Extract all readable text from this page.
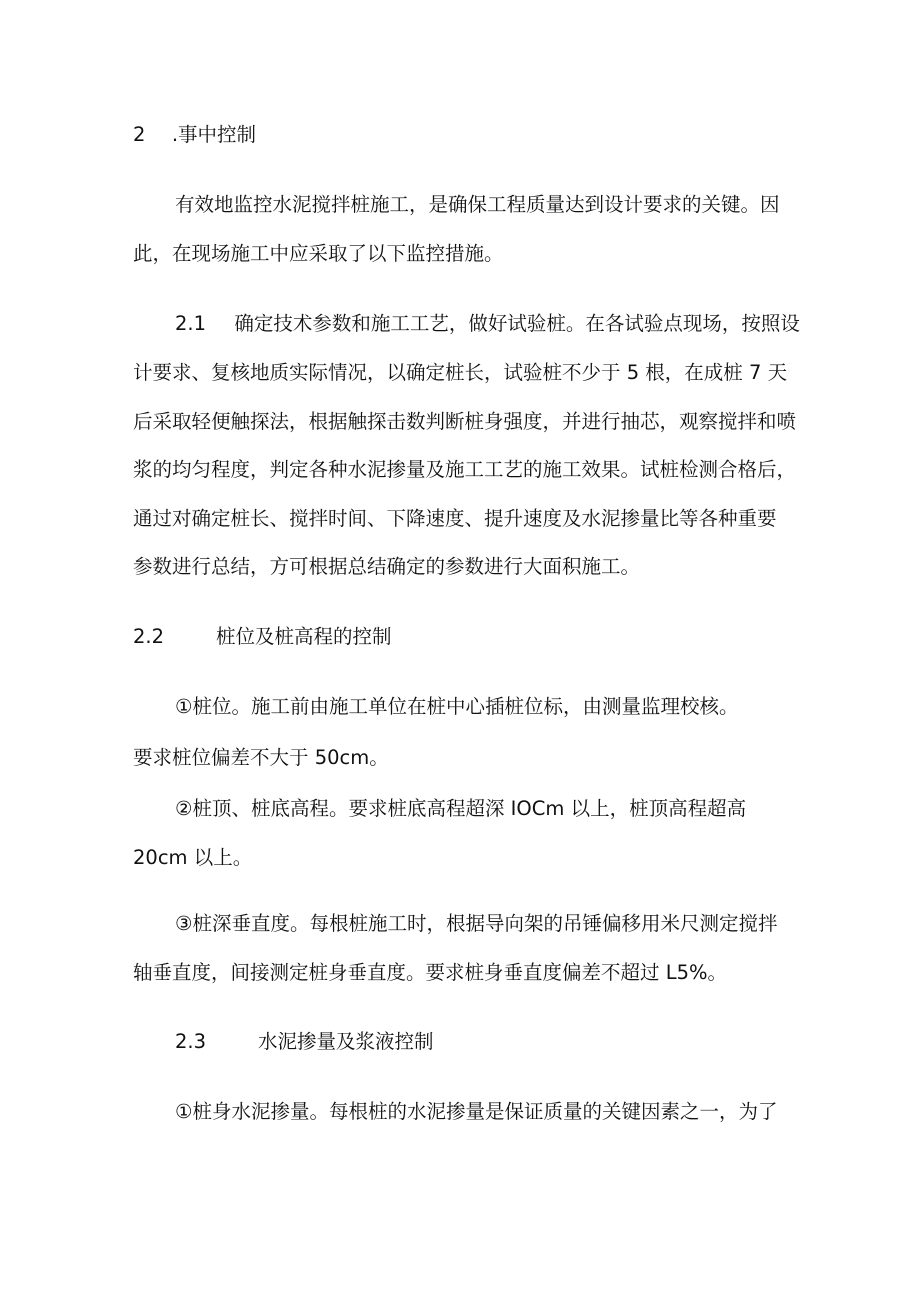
2 .事中控制
有效地监控水泥搅拌桩施工，是确保工程质量达到设计要求的关键。因
此，在现场施工中应采取了以下监控措施。
2.1 确定技术参数和施工工艺，做好试验桩。在各试验点现场，按照设
计要求、复核地质实际情况，以确定桩长，试验桩不少于 5 根，在成桩 7 天
后采取轻便触探法，根据触探击数判断桩身强度，并进行抽芯，观察搅拌和喷
浆的均匀程度，判定各种水泥掺量及施工工艺的施工效果。试桩检测合格后，
通过对确定桩长、搅拌时间、下降速度、提升速度及水泥掺量比等各种重要
参数进行总结，方可根据总结确定的参数进行大面积施工。
2.2	桩位及桩高程的控制
①桩位。施工前由施工单位在桩中心插桩位标，由测量监理校核。
要求桩位偏差不大于 50cm。
②桩顶、桩底高程。要求桩底高程超深 IOCm 以上，桩顶高程超高
20cm 以上。
③桩深垂直度。每根桩施工时，根据导向架的吊锤偏移用米尺测定搅拌
轴垂直度，间接测定桩身垂直度。要求桩身垂直度偏差不超过 L5%。
2.3	水泥掺量及浆液控制
①桩身水泥掺量。每根桩的水泥掺量是保证质量的关键因素之一，为了
